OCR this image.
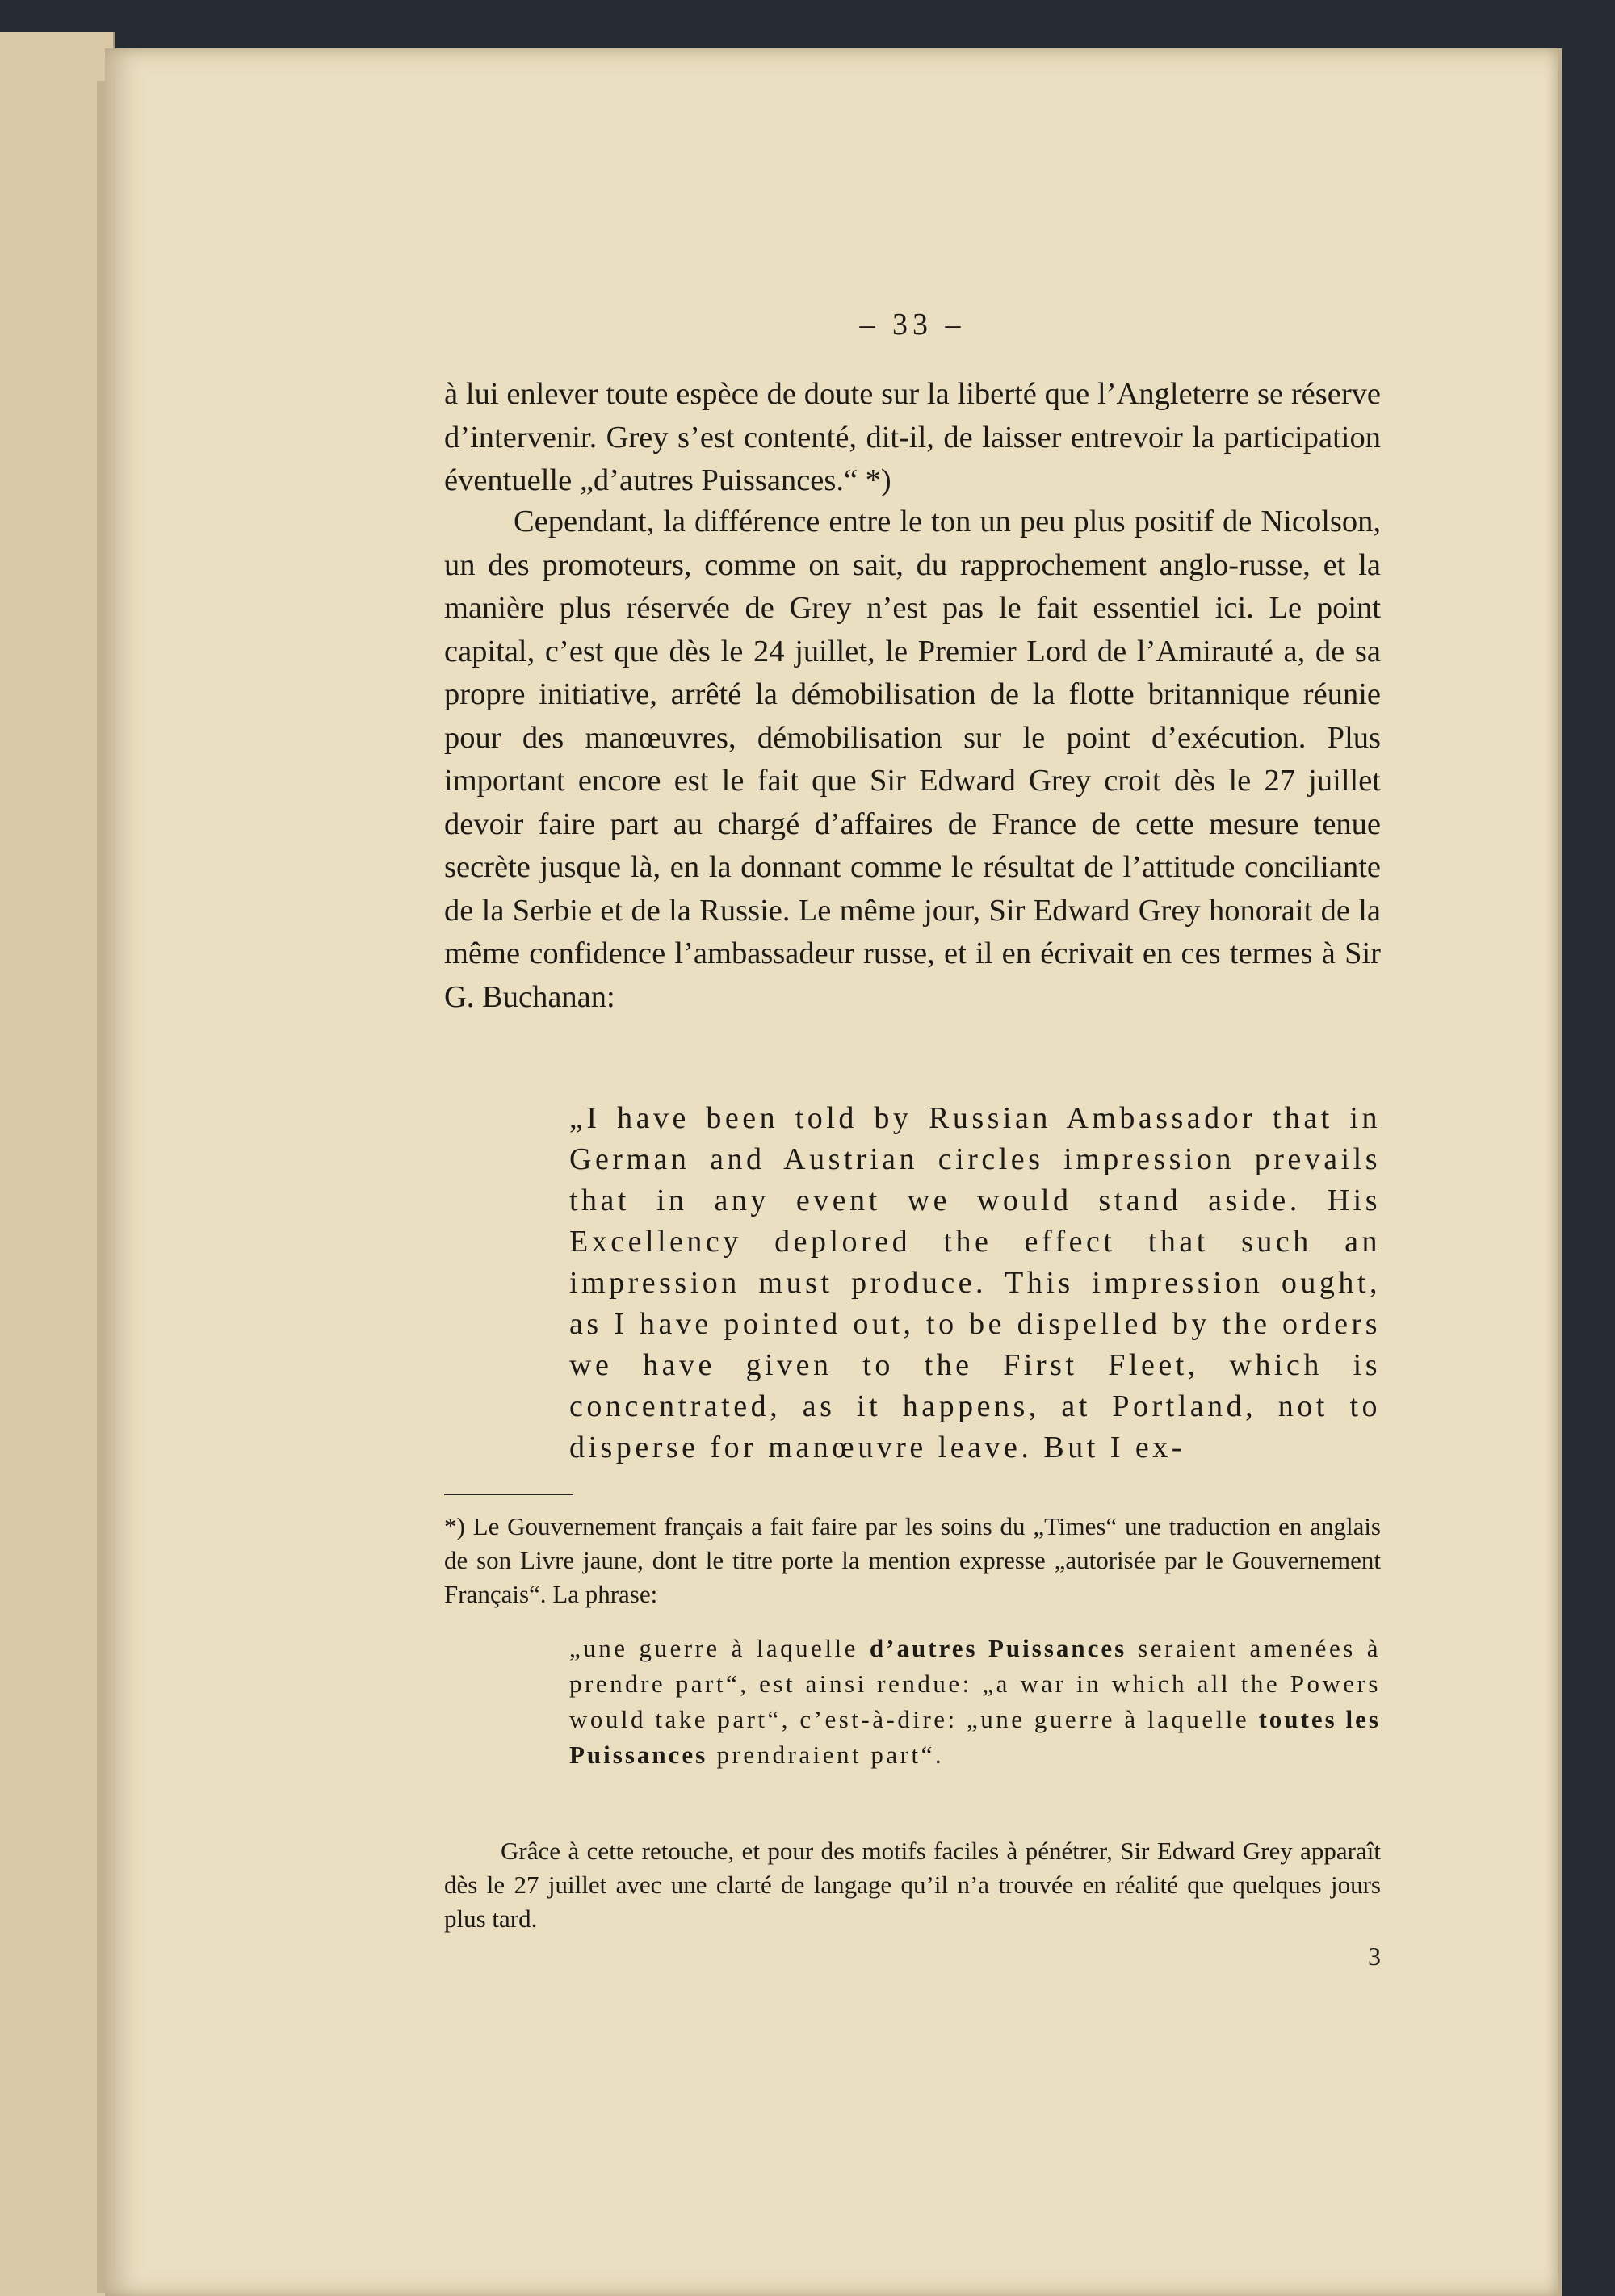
– 33 –

à lui enlever toute espèce de doute sur la liberté que l’Angleterre se réserve d’intervenir. Grey s’est contenté, dit-il, de laisser entrevoir la participation éventuelle „d’autres Puissances.“ *)

Cependant, la différence entre le ton un peu plus positif de Nicolson, un des promoteurs, comme on sait, du rapprochement anglo-russe, et la manière plus réservée de Grey n’est pas le fait essentiel ici. Le point capital, c’est que dès le 24 juillet, le Premier Lord de l’Amirauté a, de sa propre initiative, arrêté la démobilisation de la flotte britannique réunie pour des manœuvres, démobilisation sur le point d’exécution. Plus important encore est le fait que Sir Edward Grey croit dès le 27 juillet devoir faire part au chargé d’affaires de France de cette mesure tenue secrète jusque là, en la donnant comme le résultat de l’attitude conciliante de la Serbie et de la Russie. Le même jour, Sir Edward Grey honorait de la même confidence l’ambassadeur russe, et il en écrivait en ces termes à Sir G. Buchanan:

„I have been told by Russian Ambassador that in German and Austrian circles impression prevails that in any event we would stand aside. His Excellency deplored the effect that such an impression must produce. This impression ought, as I have pointed out, to be dispelled by the orders we have given to the First Fleet, which is concentrated, as it happens, at Portland, not to disperse for manœuvre leave. But I ex-

*) Le Gouvernement français a fait faire par les soins du „Times“ une traduction en anglais de son Livre jaune, dont le titre porte la mention expresse „autorisée par le Gouvernement Français“. La phrase:

„une guerre à laquelle d’autres Puissances seraient amenées à prendre part“, est ainsi rendue: „a war in which all the Powers would take part“, c’est-à-dire: „une guerre à laquelle toutes les Puissances prendraient part“.

Grâce à cette retouche, et pour des motifs faciles à pénétrer, Sir Edward Grey apparaît dès le 27 juillet avec une clarté de langage qu’il n’a trouvée en réalité que quelques jours plus tard.

3
